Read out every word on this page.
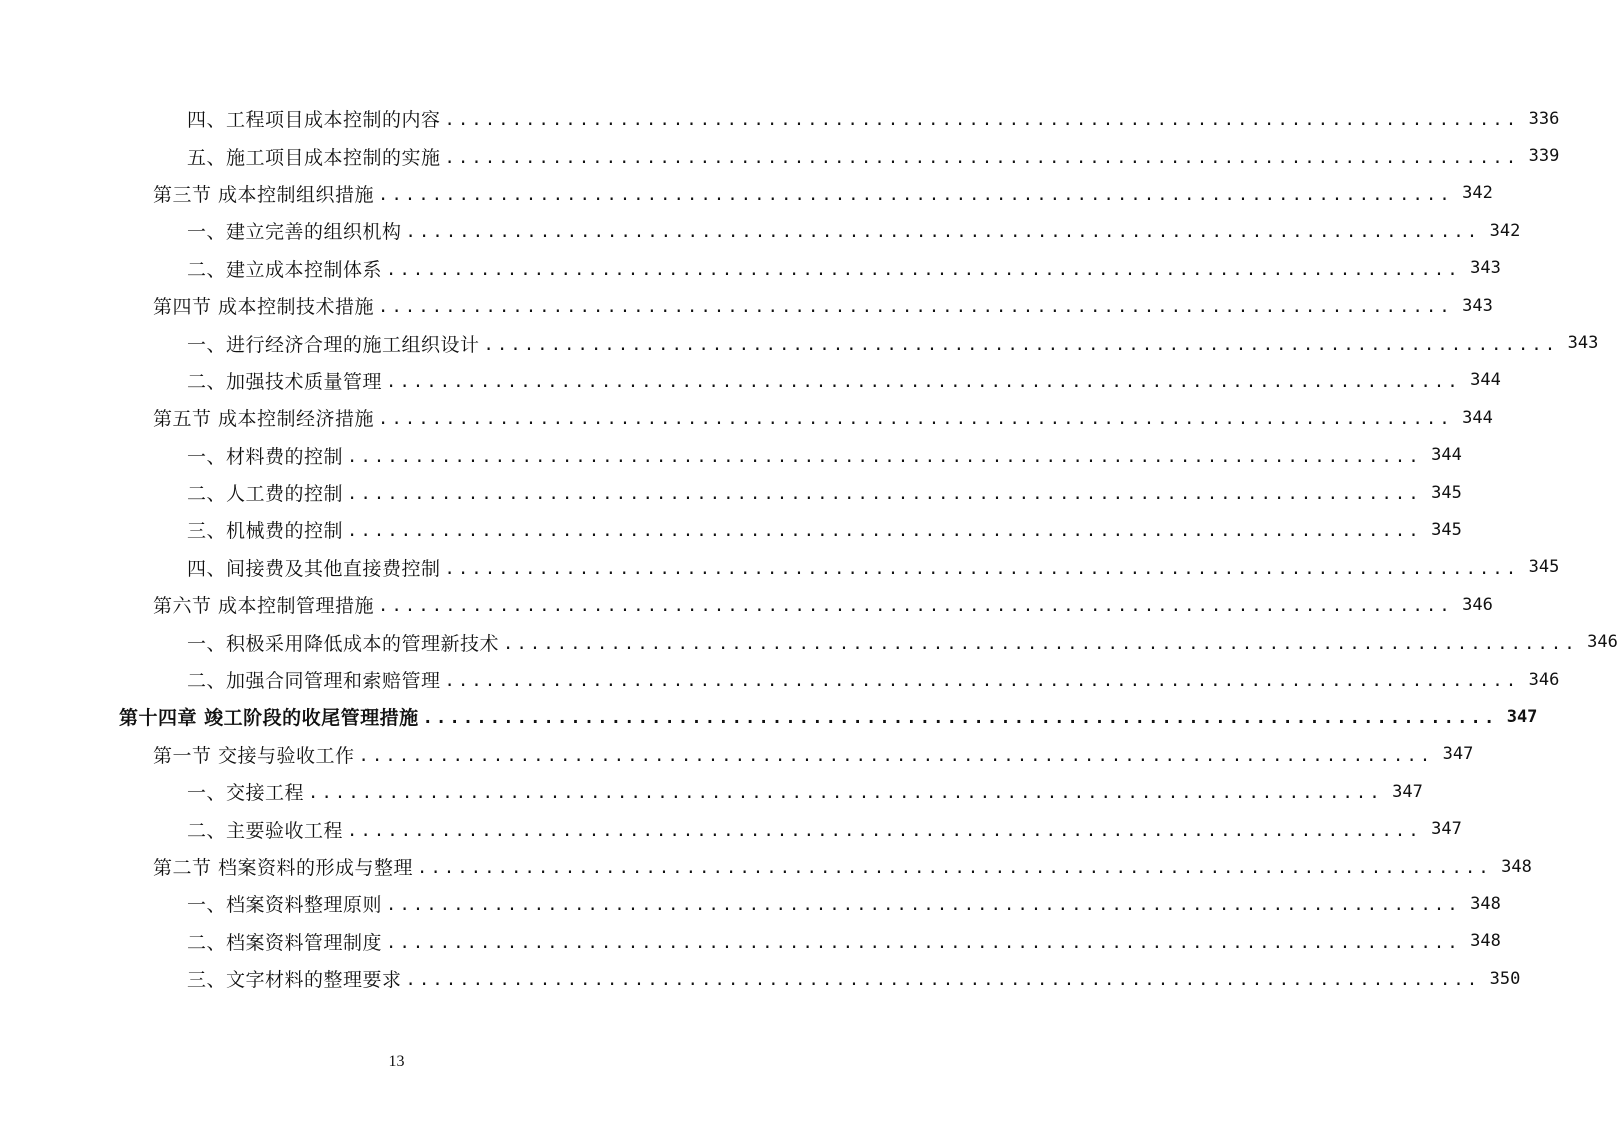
四、工程项目成本控制的内容 ................................................................................ 336
五、施工项目成本控制的实施 ................................................................................ 339
第三节 成本控制组织措施 ................................................................................ 342
一、建立完善的组织机构 ................................................................................ 342
二、建立成本控制体系 ................................................................................ 343
第四节 成本控制技术措施 ................................................................................ 343
一、进行经济合理的施工组织设计 ................................................................................ 343
二、加强技术质量管理 ................................................................................ 344
第五节 成本控制经济措施 ................................................................................ 344
一、材料费的控制 ................................................................................ 344
二、人工费的控制 ................................................................................ 345
三、机械费的控制 ................................................................................ 345
四、间接费及其他直接费控制 ................................................................................ 345
第六节 成本控制管理措施 ................................................................................ 346
一、积极采用降低成本的管理新技术 ................................................................................ 346
二、加强合同管理和索赔管理 ................................................................................ 346
第十四章 竣工阶段的收尾管理措施 ................................................................................ 347
第一节 交接与验收工作 ................................................................................ 347
一、交接工程 ................................................................................ 347
二、主要验收工程 ................................................................................ 347
第二节 档案资料的形成与整理 ................................................................................ 348
一、档案资料整理原则 ................................................................................ 348
二、档案资料管理制度 ................................................................................ 348
三、文字材料的整理要求 ................................................................................ 350
13
